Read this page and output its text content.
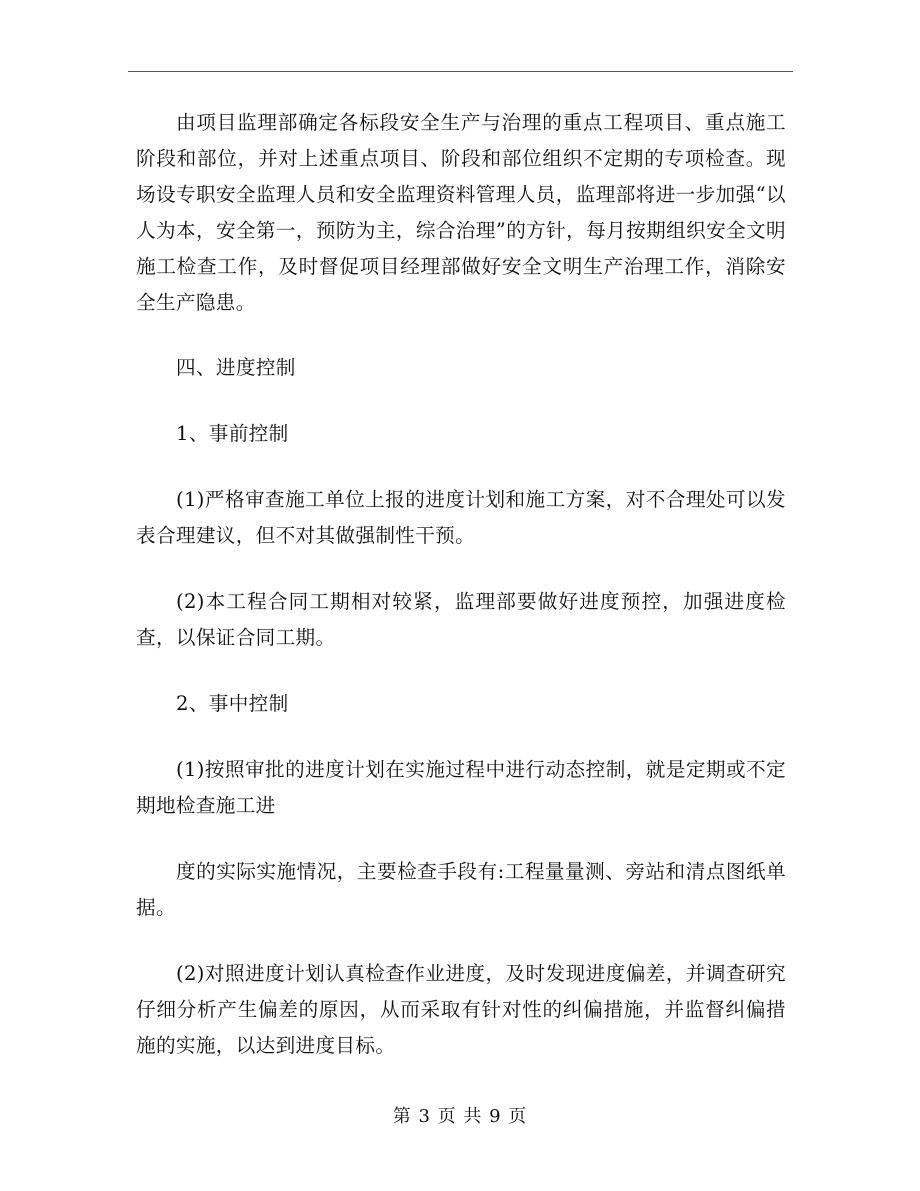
由项目监理部确定各标段安全生产与治理的重点工程项目、重点施工阶段和部位，并对上述重点项目、阶段和部位组织不定期的专项检查。现场设专职安全监理人员和安全监理资料管理人员，监理部将进一步加强“以人为本，安全第一，预防为主，综合治理”的方针，每月按期组织安全文明施工检查工作，及时督促项目经理部做好安全文明生产治理工作，消除安全生产隐患。

四、进度控制

1、事前控制

(1)严格审查施工单位上报的进度计划和施工方案，对不合理处可以发表合理建议，但不对其做强制性干预。

(2)本工程合同工期相对较紧，监理部要做好进度预控，加强进度检查，以保证合同工期。

2、事中控制

(1)按照审批的进度计划在实施过程中进行动态控制，就是定期或不定期地检查施工进

度的实际实施情况，主要检查手段有:工程量量测、旁站和清点图纸单据。

(2)对照进度计划认真检查作业进度，及时发现进度偏差，并调查研究仔细分析产生偏差的原因，从而采取有针对性的纠偏措施，并监督纠偏措施的实施，以达到进度目标。

第 3 页 共 9 页
